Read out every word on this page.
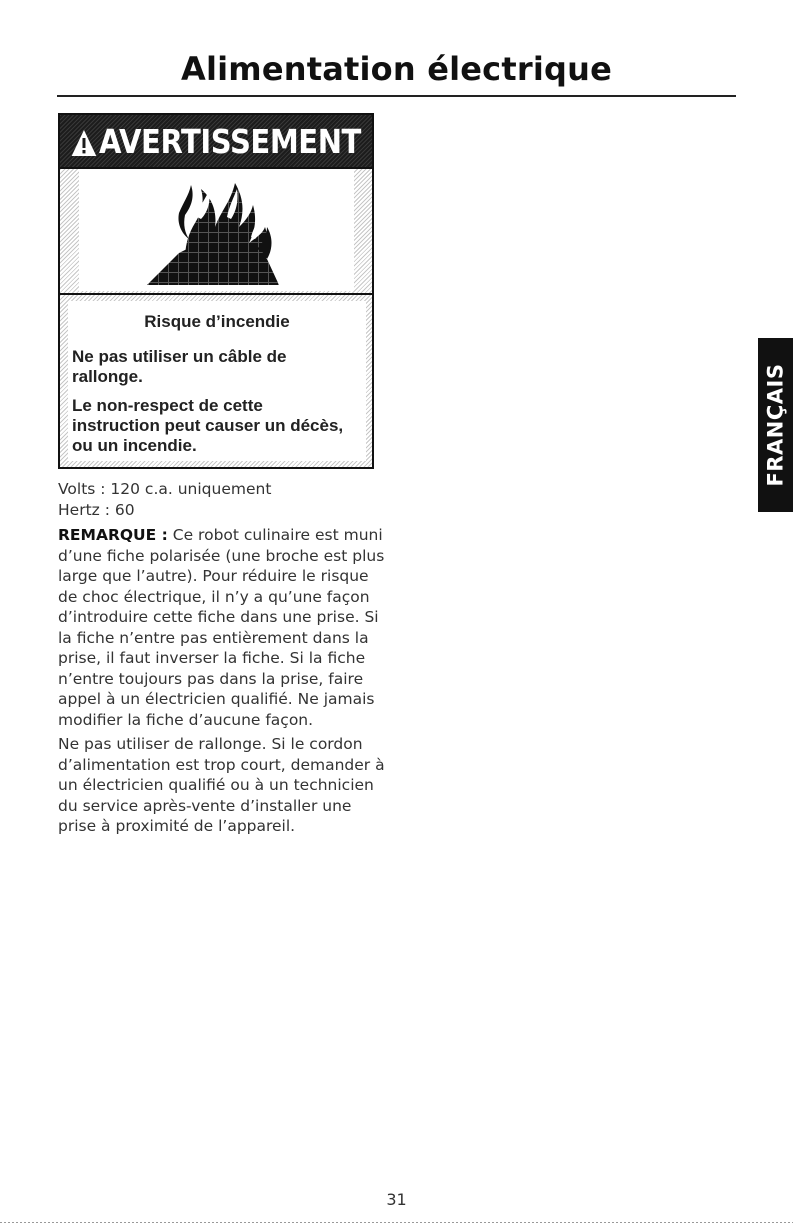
Alimentation électrique
AVERTISSEMENT
Risque d’incendie
Ne pas utiliser un câble de
rallonge.
Le non-respect de cette
instruction peut causer un décès,
ou un incendie.

Volts : 120 c.a. uniquement

Hertz : 60

REMARQUE : Ce robot culinaire est muni d’une fiche polarisée (une broche est plus large que l’autre). Pour réduire le risque de choc électrique, il n’y a qu’une façon d’introduire cette fiche dans une prise. Si la fiche n’entre pas entièrement dans la prise, il faut inverser la fiche. Si la fiche n’entre toujours pas dans la prise, faire appel à un électricien qualifié. Ne jamais modifier la fiche d’aucune façon.

Ne pas utiliser de rallonge. Si le cordon d’alimentation est trop court, demander à un électricien qualifié ou à un technicien du service après-vente d’installer une prise à proximité de l’appareil.

FRANÇAIS
31
